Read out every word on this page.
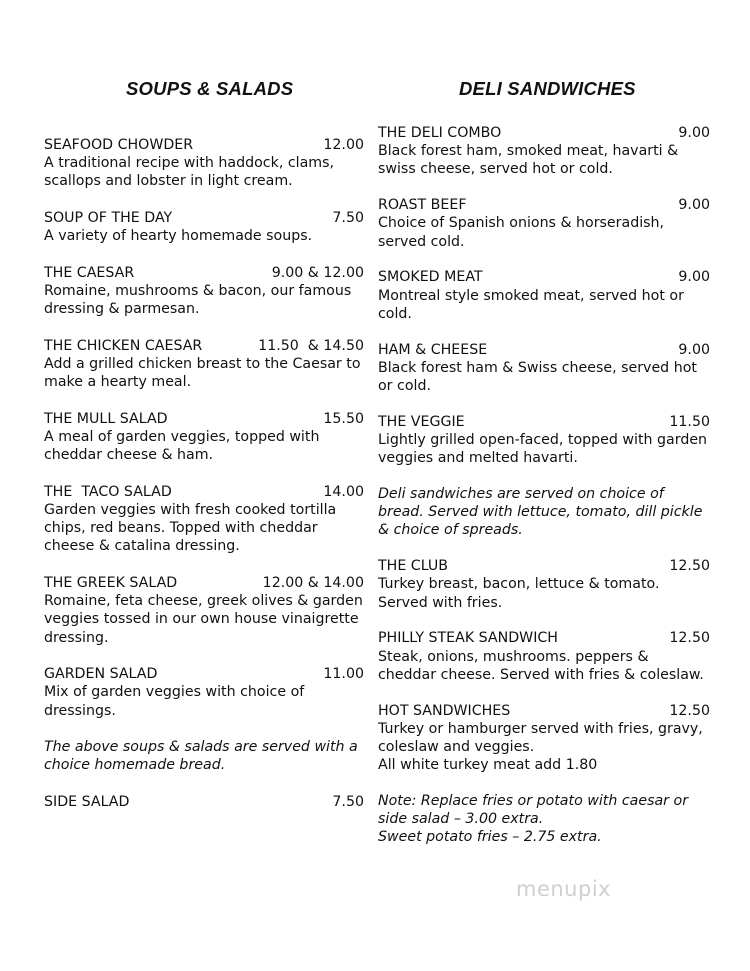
SOUPS & SALADS
SEAFOOD CHOWDER	12.00
A traditional recipe with haddock, clams, scallops and lobster in light cream.
SOUP OF THE DAY	7.50
A variety of hearty homemade soups.
THE CAESAR	9.00 & 12.00
Romaine, mushrooms & bacon, our famous dressing & parmesan.
THE CHICKEN CAESAR	11.50  & 14.50
Add a grilled chicken breast to the Caesar to make a hearty meal.
THE MULL SALAD	15.50
A meal of garden veggies, topped with cheddar cheese & ham.
THE  TACO SALAD	14.00
Garden veggies with fresh cooked tortilla chips, red beans. Topped with cheddar cheese & catalina dressing.
THE GREEK SALAD	12.00 & 14.00
Romaine, feta cheese, greek olives & garden veggies tossed in our own house vinaigrette dressing.
GARDEN SALAD	11.00
Mix of garden veggies with choice of dressings.
The above soups & salads are served with a choice homemade bread.
SIDE SALAD	7.50
DELI SANDWICHES
THE DELI COMBO	9.00
Black forest ham, smoked meat, havarti & swiss cheese, served hot or cold.
ROAST BEEF	9.00
Choice of Spanish onions & horseradish, served cold.
SMOKED MEAT	9.00
Montreal style smoked meat, served hot or cold.
HAM & CHEESE	9.00
Black forest ham & Swiss cheese, served hot or cold.
THE VEGGIE	11.50
Lightly grilled open-faced, topped with garden veggies and melted havarti.
Deli sandwiches are served on choice of bread. Served with lettuce, tomato, dill pickle & choice of spreads.
THE CLUB	12.50
Turkey breast, bacon, lettuce & tomato. Served with fries.
PHILLY STEAK SANDWICH	12.50
Steak, onions, mushrooms. peppers & cheddar cheese. Served with fries & coleslaw.
HOT SANDWICHES	12.50
Turkey or hamburger served with fries, gravy, coleslaw and veggies.
All white turkey meat add 1.80
Note: Replace fries or potato with caesar or side salad – 3.00 extra.
Sweet potato fries – 2.75 extra.
menupix
